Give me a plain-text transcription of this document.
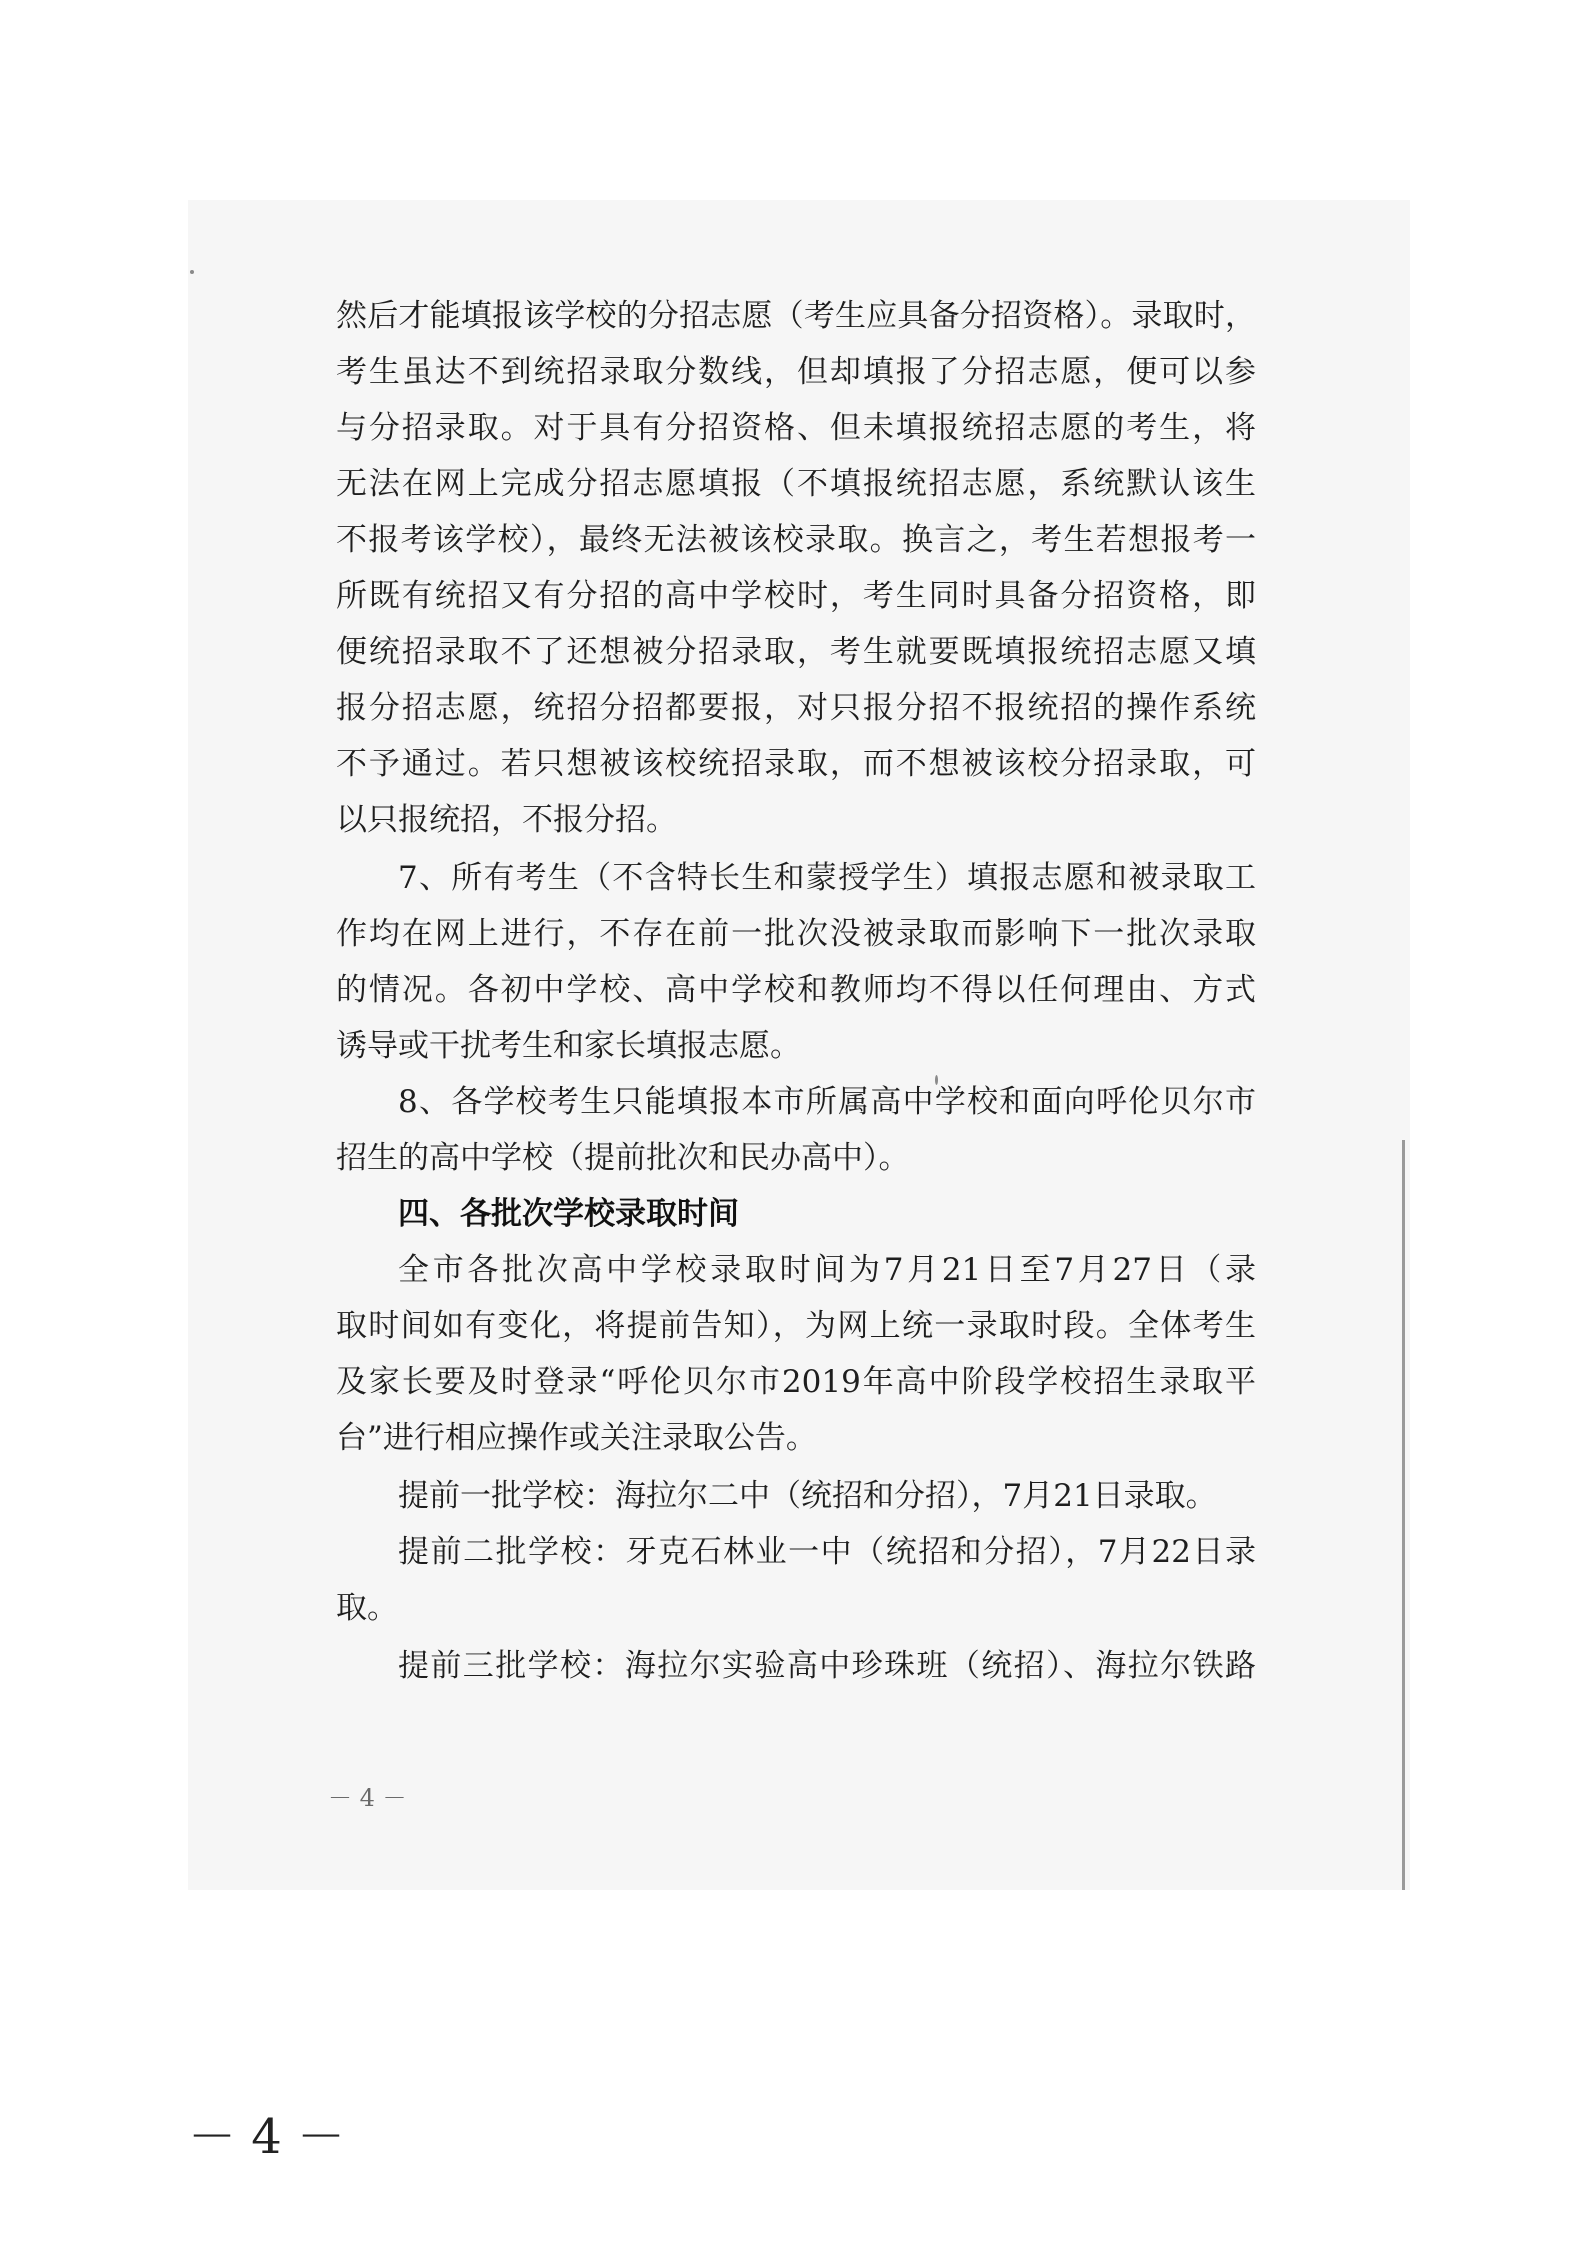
然后才能填报该学校的分招志愿（考生应具备分招资格）。录取时，
考生虽达不到统招录取分数线，但却填报了分招志愿，便可以参
与分招录取。对于具有分招资格、但未填报统招志愿的考生，将
无法在网上完成分招志愿填报（不填报统招志愿，系统默认该生
不报考该学校），最终无法被该校录取。换言之，考生若想报考一
所既有统招又有分招的高中学校时，考生同时具备分招资格，即
便统招录取不了还想被分招录取，考生就要既填报统招志愿又填
报分招志愿，统招分招都要报，对只报分招不报统招的操作系统
不予通过。若只想被该校统招录取，而不想被该校分招录取，可
以只报统招，不报分招。
7、所有考生（不含特长生和蒙授学生）填报志愿和被录取工
作均在网上进行，不存在前一批次没被录取而影响下一批次录取
的情况。各初中学校、高中学校和教师均不得以任何理由、方式
诱导或干扰考生和家长填报志愿。
8、各学校考生只能填报本市所属高中学校和面向呼伦贝尔市
招生的高中学校（提前批次和民办高中）。
四、各批次学校录取时间
全市各批次高中学校录取时间为7月21日至7月27日（录
取时间如有变化，将提前告知），为网上统一录取时段。全体考生
及家长要及时登录“呼伦贝尔市2019年高中阶段学校招生录取平
台”进行相应操作或关注录取公告。
提前一批学校：海拉尔二中（统招和分招），7月21日录取。
提前二批学校：牙克石林业一中（统招和分招），7月22日录
取。
提前三批学校：海拉尔实验高中珍珠班（统招）、海拉尔铁路
－ 4 －
－ 4 －
